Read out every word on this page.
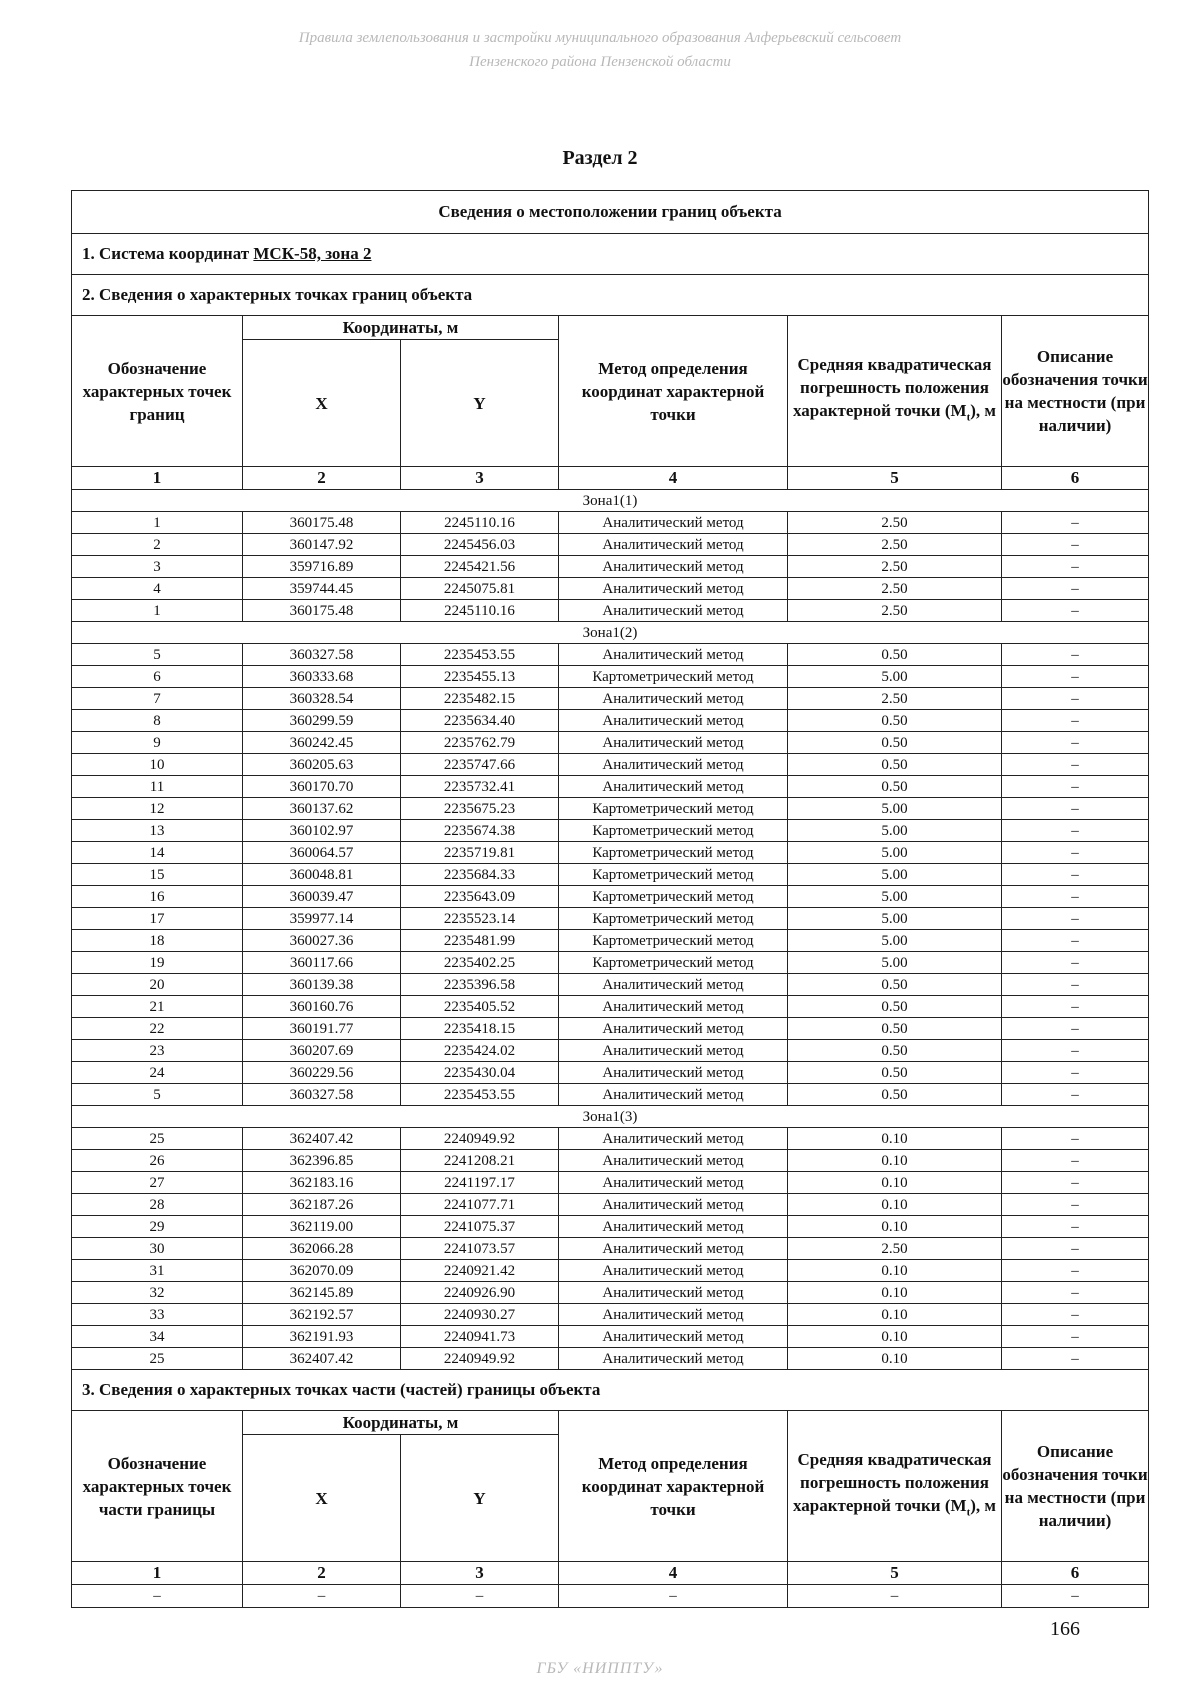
Правила землепользования и застройки муниципального образования Алферьевский сельсовет
Пензенского района Пензенской области
Раздел 2
Сведения о местоположении границ объекта					
1. Система координат МСК-58, зона 2					
2. Сведения о характерных точках границ объекта					
Обозначение характерных точек границ	Координаты, м		Метод определения координат характерной точки	Средняя квадратическая погрешность положения характерной точки $(M_t)$, м	Описание обозначения точки на местности (при наличии)
	X	Y			
1	2	3	4	5	6
Зона1(1)					
1	360175.48	2245110.16	Аналитический метод	2.50	–
2	360147.92	2245456.03	Аналитический метод	2.50	–
3	359716.89	2245421.56	Аналитический метод	2.50	–
4	359744.45	2245075.81	Аналитический метод	2.50	–
1	360175.48	2245110.16	Аналитический метод	2.50	–
Зона1(2)					
5	360327.58	2235453.55	Аналитический метод	0.50	–
6	360333.68	2235455.13	Картометрический метод	5.00	–
7	360328.54	2235482.15	Аналитический метод	2.50	–
8	360299.59	2235634.40	Аналитический метод	0.50	–
9	360242.45	2235762.79	Аналитический метод	0.50	–
10	360205.63	2235747.66	Аналитический метод	0.50	–
11	360170.70	2235732.41	Аналитический метод	0.50	–
12	360137.62	2235675.23	Картометрический метод	5.00	–
13	360102.97	2235674.38	Картометрический метод	5.00	–
14	360064.57	2235719.81	Картометрический метод	5.00	–
15	360048.81	2235684.33	Картометрический метод	5.00	–
16	360039.47	2235643.09	Картометрический метод	5.00	–
17	359977.14	2235523.14	Картометрический метод	5.00	–
18	360027.36	2235481.99	Картометрический метод	5.00	–
19	360117.66	2235402.25	Картометрический метод	5.00	–
20	360139.38	2235396.58	Аналитический метод	0.50	–
21	360160.76	2235405.52	Аналитический метод	0.50	–
22	360191.77	2235418.15	Аналитический метод	0.50	–
23	360207.69	2235424.02	Аналитический метод	0.50	–
24	360229.56	2235430.04	Аналитический метод	0.50	–
5	360327.58	2235453.55	Аналитический метод	0.50	–
Зона1(3)					
25	362407.42	2240949.92	Аналитический метод	0.10	–
26	362396.85	2241208.21	Аналитический метод	0.10	–
27	362183.16	2241197.17	Аналитический метод	0.10	–
28	362187.26	2241077.71	Аналитический метод	0.10	–
29	362119.00	2241075.37	Аналитический метод	0.10	–
30	362066.28	2241073.57	Аналитический метод	2.50	–
31	362070.09	2240921.42	Аналитический метод	0.10	–
32	362145.89	2240926.90	Аналитический метод	0.10	–
33	362192.57	2240930.27	Аналитический метод	0.10	–
34	362191.93	2240941.73	Аналитический метод	0.10	–
25	362407.42	2240949.92	Аналитический метод	0.10	–
3. Сведения о характерных точках части (частей) границы объекта					
Обозначение характерных точек части границы	Координаты, м		Метод определения координат характерной точки	Средняя квадратическая погрешность положения характерной точки $(M_t)$, м	Описание обозначения точки на местности (при наличии)
	X	Y			
1	2	3	4	5	6
–	–	–	–	–	–
166
ГБУ «НИППТУ»
